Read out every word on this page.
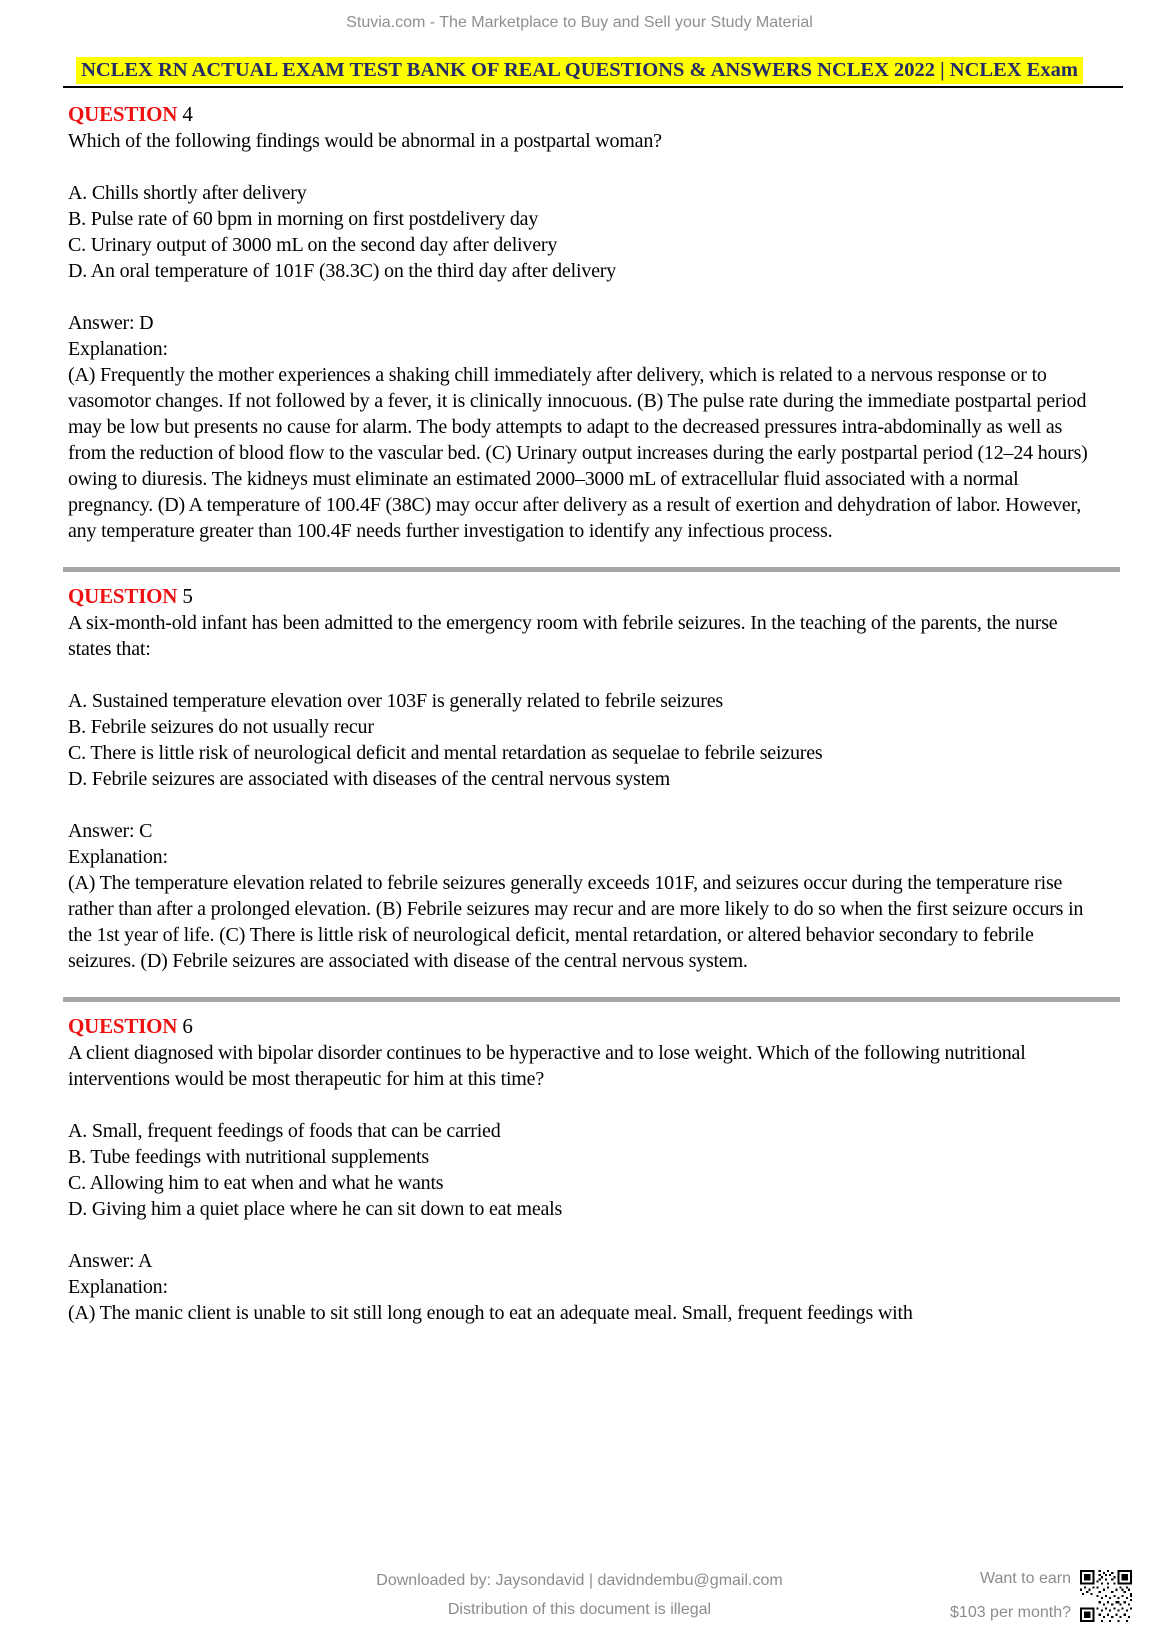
Stuvia.com - The Marketplace to Buy and Sell your Study Material
NCLEX RN ACTUAL EXAM TEST BANK OF REAL QUESTIONS & ANSWERS NCLEX 2022 | NCLEX Exam
QUESTION 4

Which of the following findings would be abnormal in a postpartal woman?

A. Chills shortly after delivery

B. Pulse rate of 60 bpm in morning on first postdelivery day

C. Urinary output of 3000 mL on the second day after delivery

D. An oral temperature of 101F (38.3C) on the third day after delivery

Answer: D

Explanation:

(A) Frequently the mother experiences a shaking chill immediately after delivery, which is related to a nervous response or to vasomotor changes. If not followed by a fever, it is clinically innocuous. (B) The pulse rate during the immediate postpartal period may be low but presents no cause for alarm. The body attempts to adapt to the decreased pressures intra-abdominally as well as from the reduction of blood flow to the vascular bed. (C) Urinary output increases during the early postpartal period (12–24 hours) owing to diuresis. The kidneys must eliminate an estimated 2000–3000 mL of extracellular fluid associated with a normal pregnancy. (D) A temperature of 100.4F (38C) may occur after delivery as a result of exertion and dehydration of labor. However, any temperature greater than 100.4F needs further investigation to identify any infectious process.

QUESTION 5

A six-month-old infant has been admitted to the emergency room with febrile seizures. In the teaching of the parents, the nurse states that:

A. Sustained temperature elevation over 103F is generally related to febrile seizures

B. Febrile seizures do not usually recur

C. There is little risk of neurological deficit and mental retardation as sequelae to febrile seizures

D. Febrile seizures are associated with diseases of the central nervous system

Answer: C

Explanation:

(A) The temperature elevation related to febrile seizures generally exceeds 101F, and seizures occur during the temperature rise rather than after a prolonged elevation. (B) Febrile seizures may recur and are more likely to do so when the first seizure occurs in the 1st year of life. (C) There is little risk of neurological deficit, mental retardation, or altered behavior secondary to febrile seizures. (D) Febrile seizures are associated with disease of the central nervous system.

QUESTION 6

A client diagnosed with bipolar disorder continues to be hyperactive and to lose weight. Which of the following nutritional interventions would be most therapeutic for him at this time?

A. Small, frequent feedings of foods that can be carried

B. Tube feedings with nutritional supplements

C. Allowing him to eat when and what he wants

D. Giving him a quiet place where he can sit down to eat meals

Answer: A

Explanation:

(A) The manic client is unable to sit still long enough to eat an adequate meal. Small, frequent feedings with

Downloaded by: Jaysondavid | davidndembu@gmail.com
Distribution of this document is illegal
Want to earn
$103 per month?
